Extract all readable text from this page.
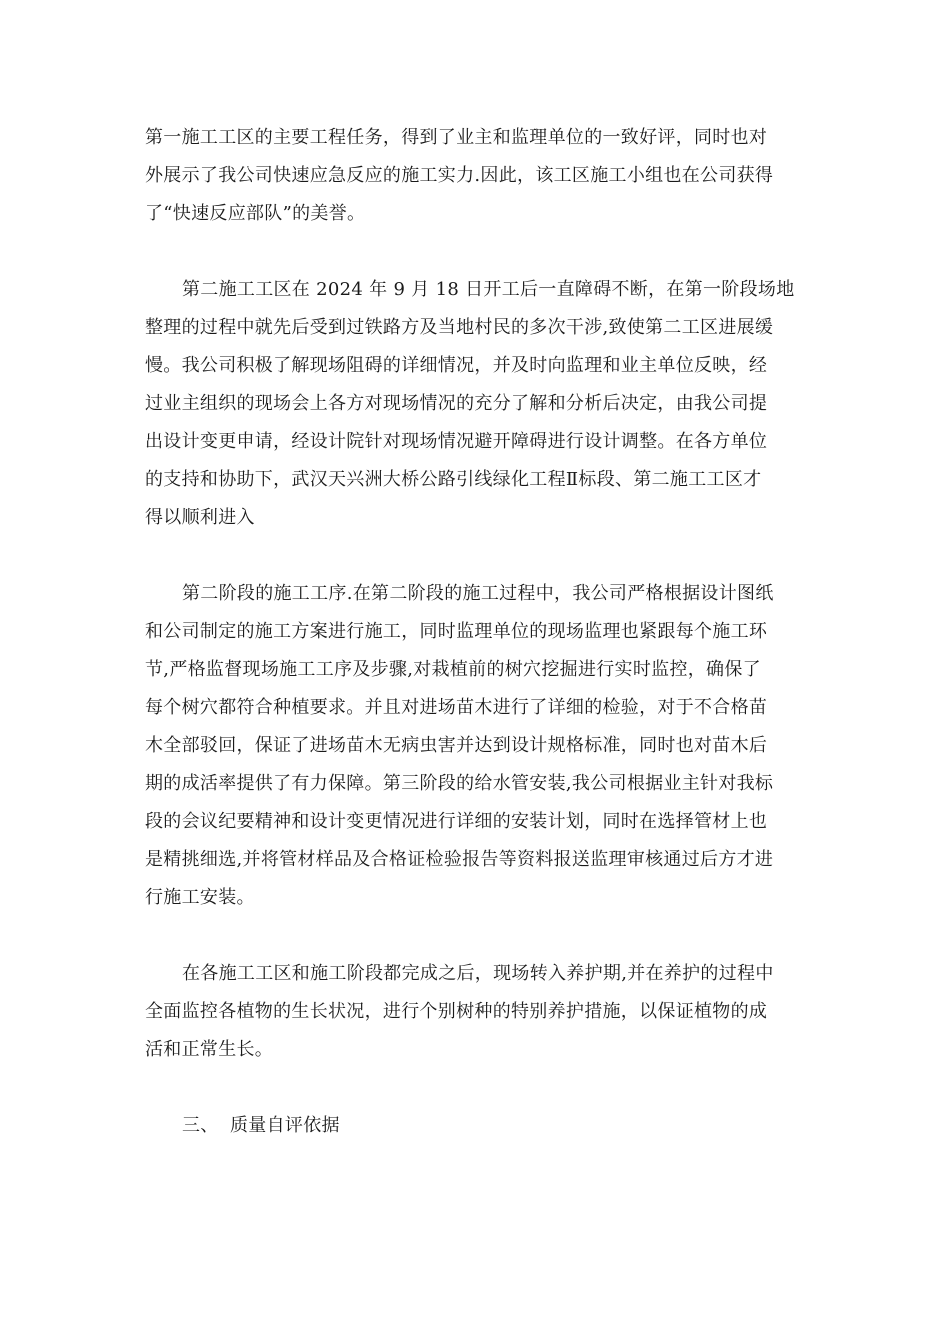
第一施工工区的主要工程任务，得到了业主和监理单位的一致好评，同时也对
外展示了我公司快速应急反应的施工实力.因此，该工区施工小组也在公司获得
了“快速反应部队”的美誉。
第二施工工区在 2024 年 9 月 18 日开工后一直障碍不断，在第一阶段场地
整理的过程中就先后受到过铁路方及当地村民的多次干涉,致使第二工区进展缓
慢。我公司积极了解现场阻碍的详细情况，并及时向监理和业主单位反映，经
过业主组织的现场会上各方对现场情况的充分了解和分析后决定，由我公司提
出设计变更申请，经设计院针对现场情况避开障碍进行设计调整。在各方单位
的支持和协助下，武汉天兴洲大桥公路引线绿化工程Ⅱ标段、第二施工工区才
得以顺利进入
第二阶段的施工工序.在第二阶段的施工过程中，我公司严格根据设计图纸
和公司制定的施工方案进行施工，同时监理单位的现场监理也紧跟每个施工环
节,严格监督现场施工工序及步骤,对栽植前的树穴挖掘进行实时监控，确保了
每个树穴都符合种植要求。并且对进场苗木进行了详细的检验，对于不合格苗
木全部驳回，保证了进场苗木无病虫害并达到设计规格标准，同时也对苗木后
期的成活率提供了有力保障。第三阶段的给水管安装,我公司根据业主针对我标
段的会议纪要精神和设计变更情况进行详细的安装计划，同时在选择管材上也
是精挑细选,并将管材样品及合格证检验报告等资料报送监理审核通过后方才进
行施工安装。
在各施工工区和施工阶段都完成之后，现场转入养护期,并在养护的过程中
全面监控各植物的生长状况，进行个别树种的特别养护措施，以保证植物的成
活和正常生长。
三、 质量自评依据
